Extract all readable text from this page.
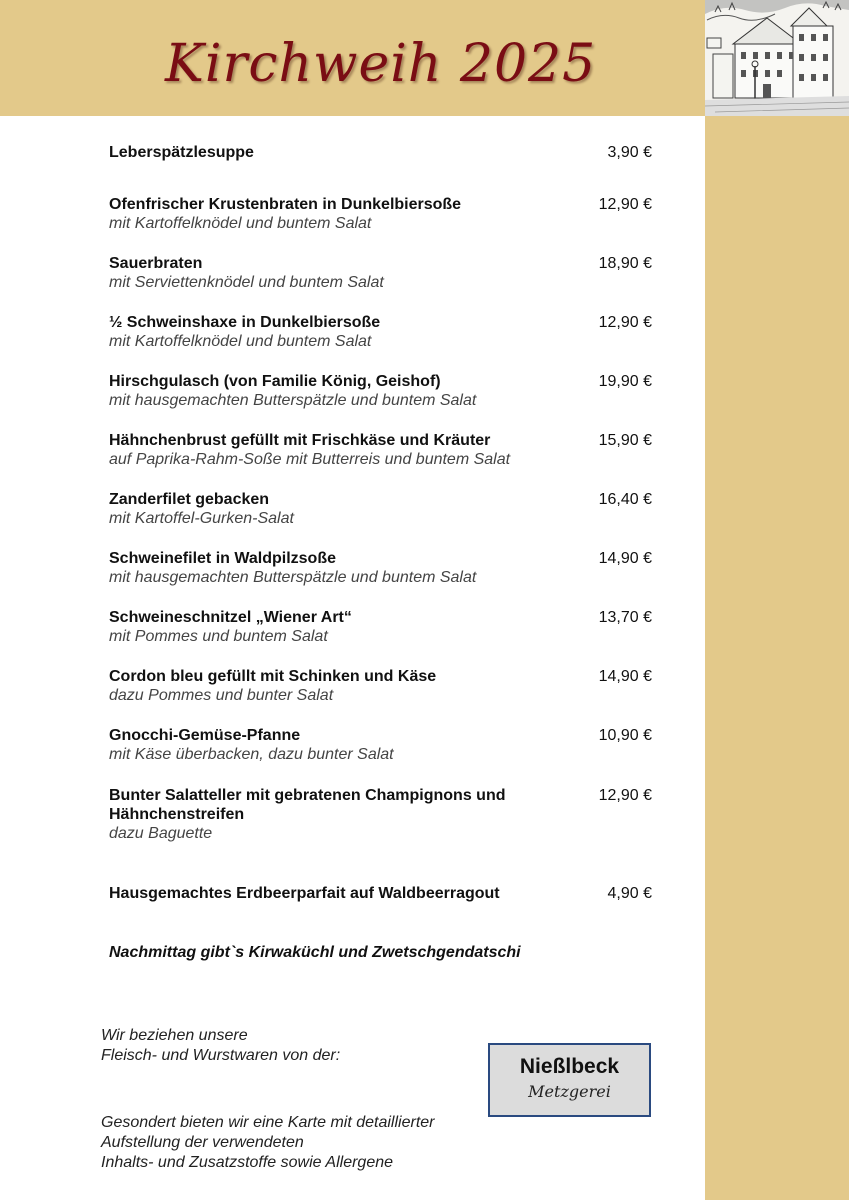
Kirchweih 2025
Leberspätzlesuppe	3,90 €
Ofenfrischer Krustenbraten in Dunkelbiersoße
mit Kartoffelknödel und buntem Salat
12,90 €
Sauerbraten
mit Serviettenknödel und buntem Salat
18,90 €
½ Schweinshaxe in Dunkelbiersoße
mit Kartoffelknödel und buntem Salat
12,90 €
Hirschgulasch (von Familie König, Geishof)
mit hausgemachten Butterspätzle und buntem Salat
19,90 €
Hähnchenbrust gefüllt mit Frischkäse und Kräuter
auf Paprika-Rahm-Soße mit Butterreis und buntem Salat
15,90 €
Zanderfilet gebacken
mit Kartoffel-Gurken-Salat
16,40 €
Schweinefilet in Waldpilzsoße
mit hausgemachten Butterspätzle und buntem Salat
14,90 €
Schweineschnitzel „Wiener Art“
mit Pommes und buntem Salat
13,70 €
Cordon bleu gefüllt mit Schinken und Käse
dazu Pommes und bunter Salat
14,90 €
Gnocchi-Gemüse-Pfanne
mit Käse überbacken, dazu bunter Salat
10,90 €
Bunter Salatteller mit gebratenen Champignons und Hähnchenstreifen
dazu Baguette
12,90 €
Hausgemachtes Erdbeerparfait auf Waldbeerragout	4,90 €
Nachmittag gibt`s Kirwaküchl und Zwetschgendatschi
Wir beziehen unsere
Fleisch- und Wurstwaren von der:	Nießlbeck
Metzgerei
Gesondert bieten wir eine Karte mit detaillierter
Aufstellung der verwendeten
Inhalts- und Zusatzstoffe sowie Allergene
